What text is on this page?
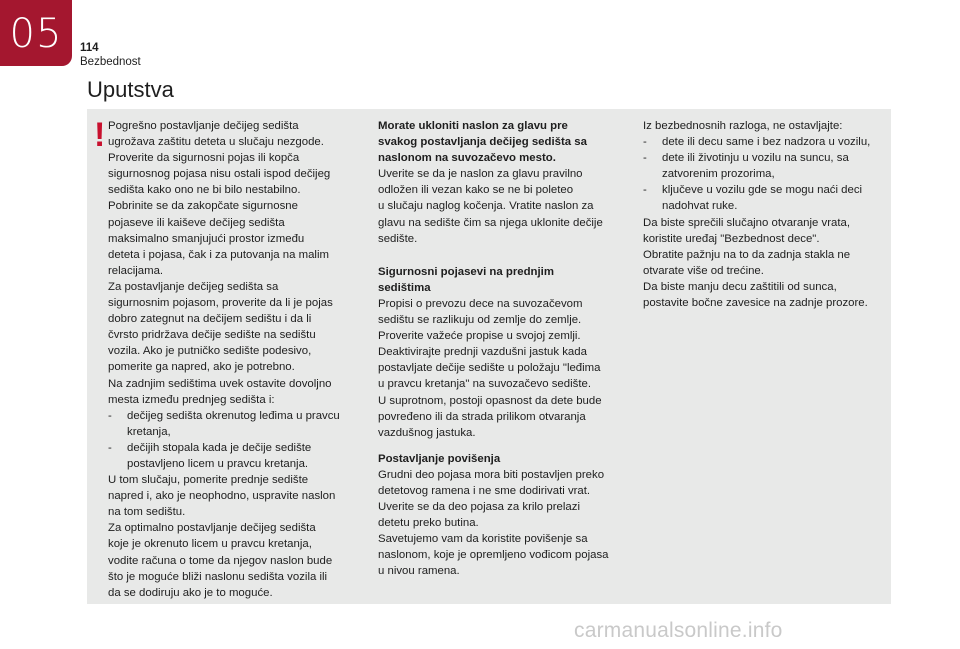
05 114
Bezbednost
Uputstva
! Pogrešno postavljanje dečijeg sedišta
ugrožava zaštitu deteta u slučaju nezgode.
Proverite da sigurnosni pojas ili kopča
sigurnosnog pojasa nisu ostali ispod dečijeg
sedišta kako ono ne bi bilo nestabilno.
Pobrinite se da zakopčate sigurnosne
pojaseve ili kaiševe dečijeg sedišta
maksimalno smanjujući prostor između
deteta i pojasa, čak i za putovanja na malim
relacijama.
Za postavljanje dečijeg sedišta sa
sigurnosnim pojasom, proverite da li je pojas
dobro zategnut na dečijem sedištu i da li
čvrsto pridržava dečije sedište na sedištu
vozila. Ako je putničko sedište podesivo,
pomerite ga napred, ako je potrebno.
Na zadnjim sedištima uvek ostavite dovoljno
mesta između prednjeg sedišta i:
- dečijeg sedišta okrenutog leđima u pravcu
kretanja,
- dečijih stopala kada je dečije sedište
postavljeno licem u pravcu kretanja.
U tom slučaju, pomerite prednje sedište
napred i, ako je neophodno, uspravite naslon
na tom sedištu.
Za optimalno postavljanje dečijeg sedišta
koje je okrenuto licem u pravcu kretanja,
vodite računa o tome da njegov naslon bude
što je moguće bliži naslonu sedišta vozila ili
da se dodiruju ako je to moguće.
Morate ukloniti naslon za glavu pre
svakog postavljanja dečijeg sedišta sa
naslonom na suvozačevo mesto.
Uverite se da je naslon za glavu pravilno
odložen ili vezan kako se ne bi poleteo
u slučaju naglog kočenja. Vratite naslon za
glavu na sedište čim sa njega uklonite dečije
sedište.
Sigurnosni pojasevi na prednjim
sedištima
Propisi o prevozu dece na suvozačevom
sedištu se razlikuju od zemlje do zemlje.
Proverite važeće propise u svojoj zemlji.
Deaktivirajte prednji vazdušni jastuk kada
postavljate dečije sedište u položaju "leđima
u pravcu kretanja" na suvozačevo sedište.
U suprotnom, postoji opasnost da dete bude
povređeno ili da strada prilikom otvaranja
vazdušnog jastuka.
Postavljanje povišenja
Grudni deo pojasa mora biti postavljen preko
detetovog ramena i ne sme dodirivati vrat.
Uverite se da deo pojasa za krilo prelazi
detetu preko butina.
Savetujemo vam da koristite povišenje sa
naslonom, koje je opremljeno vođicom pojasa
u nivou ramena.
Iz bezbednosnih razloga, ne ostavljajte:
- dete ili decu same i bez nadzora u vozilu,
- dete ili životinju u vozilu na suncu, sa
zatvorenim prozorima,
- ključeve u vozilu gde se mogu naći deci
nadohvat ruke.
Da biste sprečili slučajno otvaranje vrata,
koristite uređaj "Bezbednost dece".
Obratite pažnju na to da zadnja stakla ne
otvarate više od trećine.
Da biste manju decu zaštitili od sunca,
postavite bočne zavesice na zadnje prozore.
carmanualsonline.info
